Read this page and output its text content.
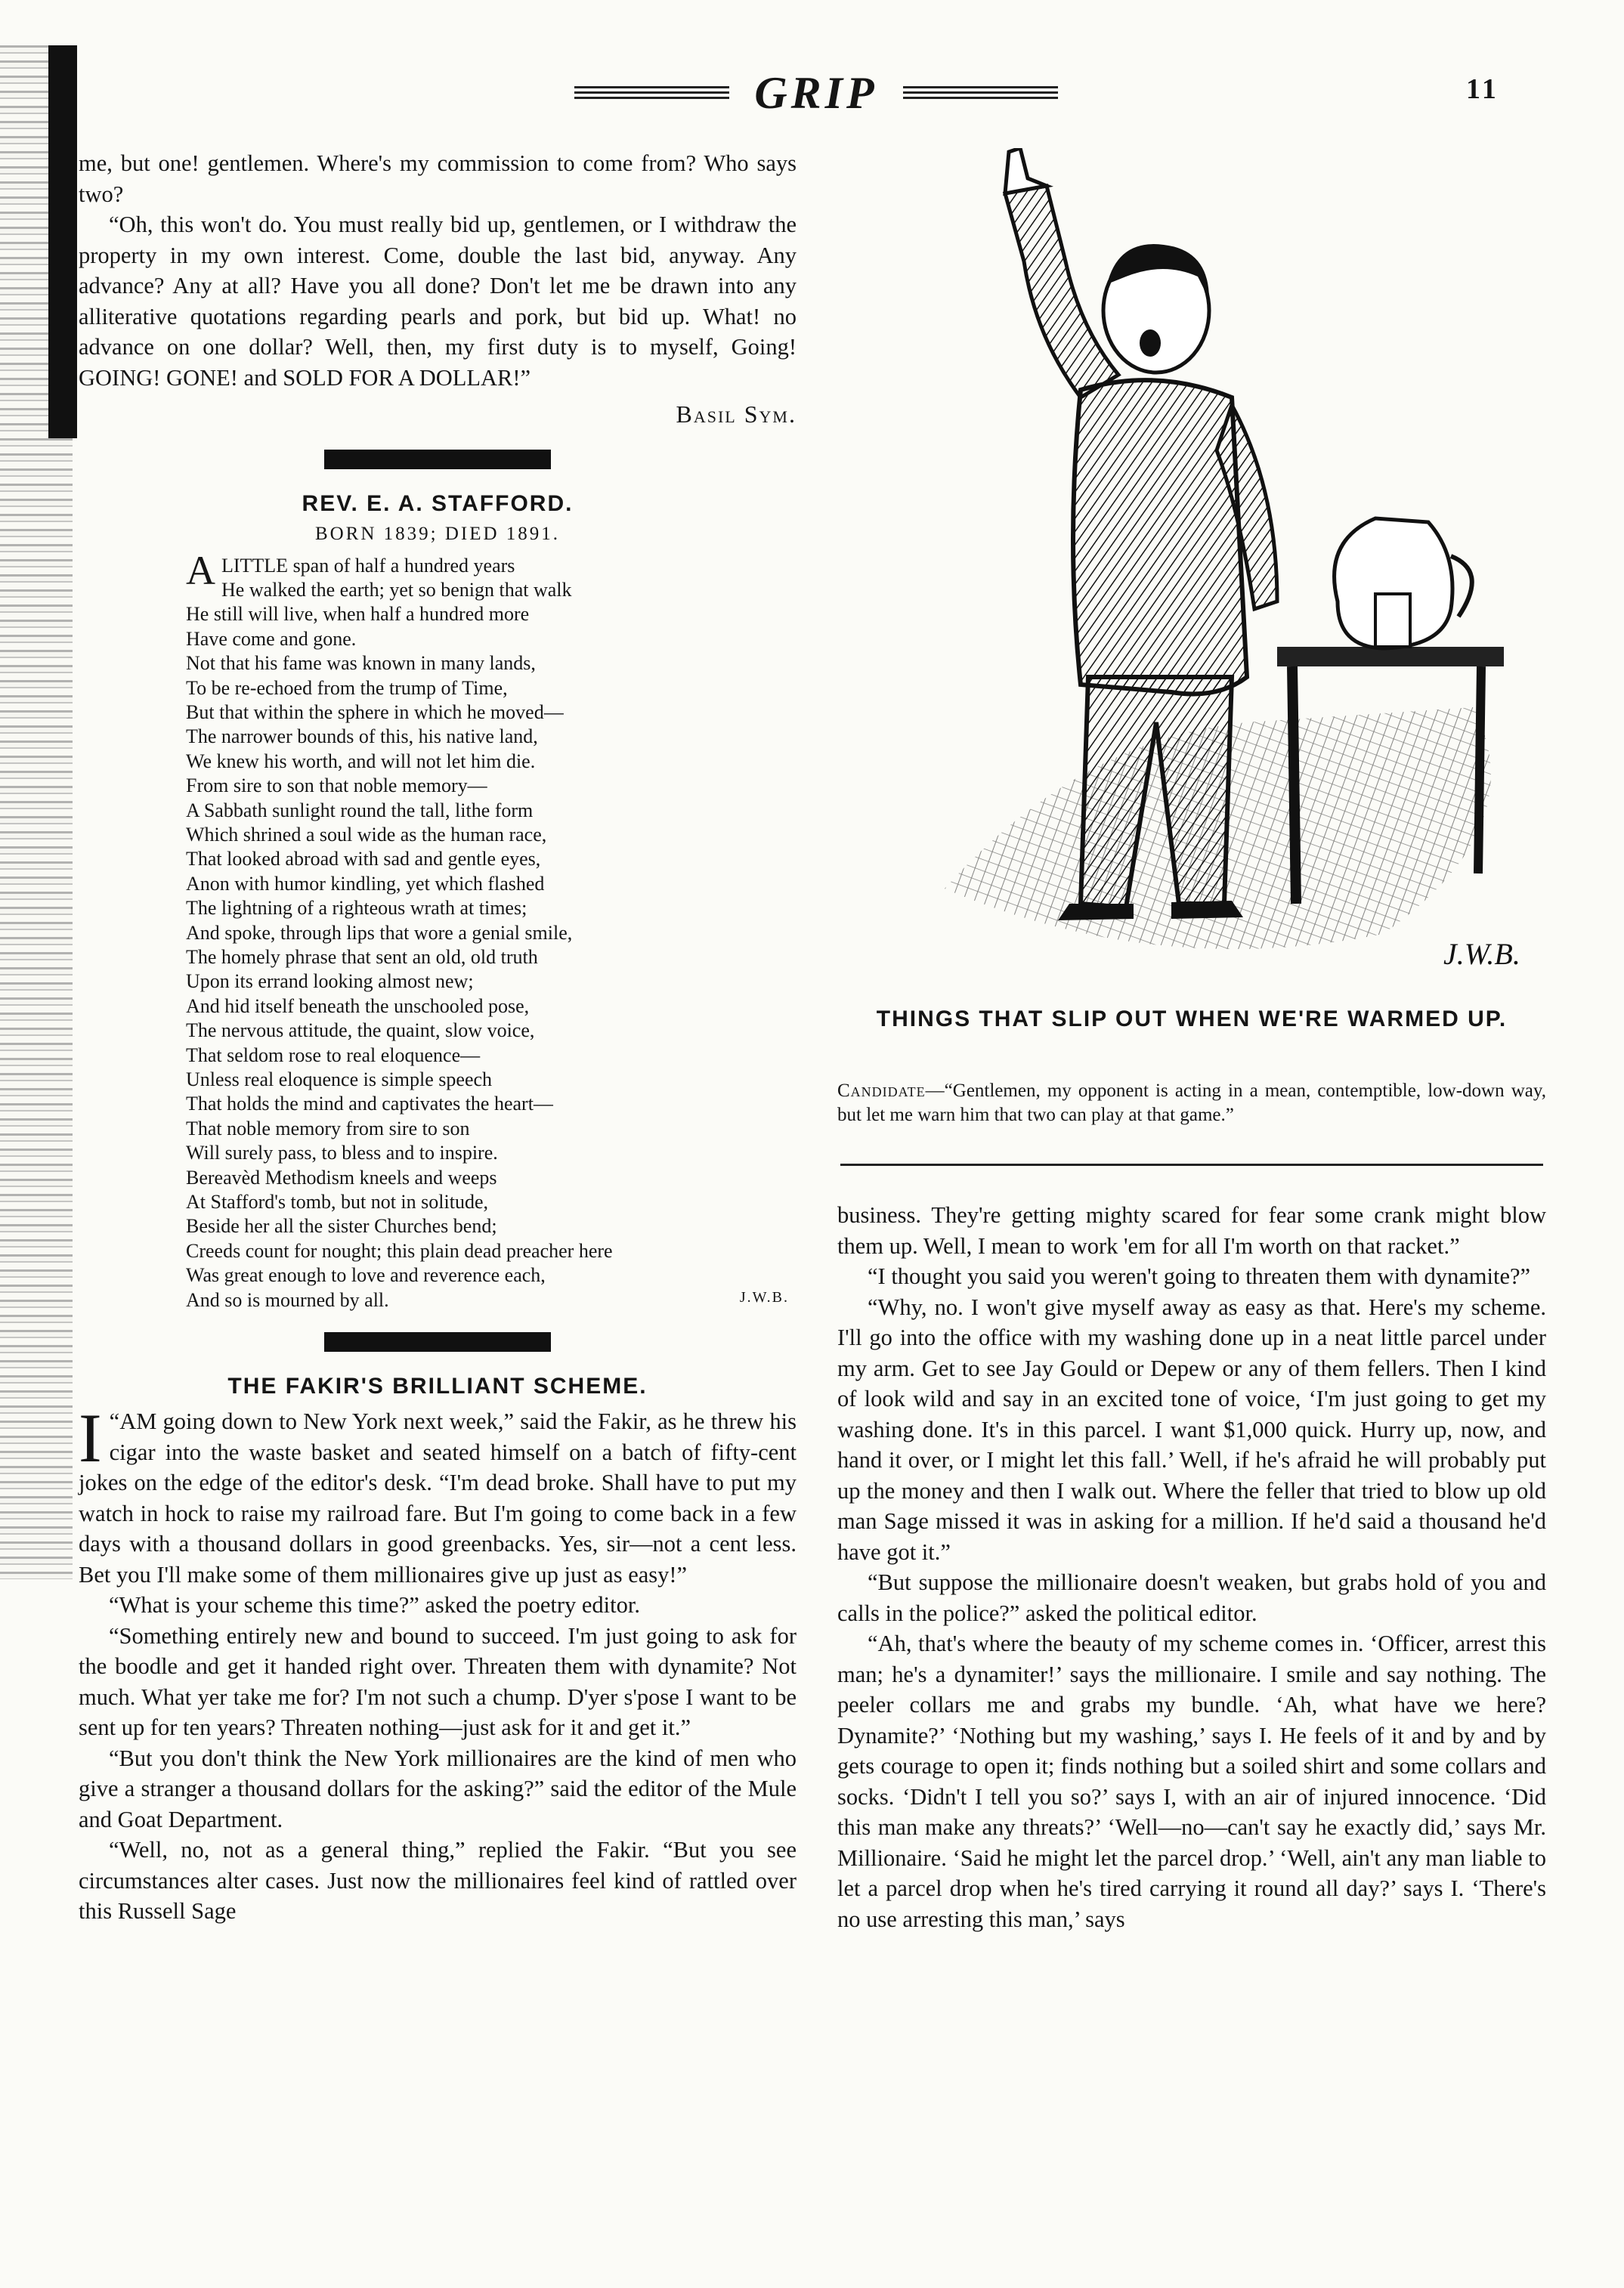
GRIP	11

me, but one! gentlemen. Where's my commission to come from? Who says two?

“Oh, this won't do. You must really bid up, gentlemen, or I withdraw the property in my own interest. Come, double the last bid, anyway. Any advance? Any at all? Have you all done? Don't let me be drawn into any alliterative quotations regarding pearls and pork, but bid up. What! no advance on one dollar? Well, then, my first duty is to myself, Going! GOING! GONE! and SOLD FOR A DOLLAR!”

Basil Sym.

REV. E. A. STAFFORD.
BORN 1839; DIED 1891.
ALITTLE span of half a hundred years
He walked the earth; yet so benign that walk
He still will live, when half a hundred more
Have come and gone.
Not that his fame was known in many lands,
To be re-echoed from the trump of Time,
But that within the sphere in which he moved—
The narrower bounds of this, his native land,
We knew his worth, and will not let him die.
From sire to son that noble memory—
A Sabbath sunlight round the tall, lithe form
Which shrined a soul wide as the human race,
That looked abroad with sad and gentle eyes,
Anon with humor kindling, yet which flashed
The lightning of a righteous wrath at times;
And spoke, through lips that wore a genial smile,
The homely phrase that sent an old, old truth
Upon its errand looking almost new;
And hid itself beneath the unschooled pose,
The nervous attitude, the quaint, slow voice,
That seldom rose to real eloquence—
Unless real eloquence is simple speech
That holds the mind and captivates the heart—
That noble memory from sire to son
Will surely pass, to bless and to inspire.
Bereavèd Methodism kneels and weeps
At Stafford's tomb, but not in solitude,
Beside her all the sister Churches bend;
Creeds count for nought; this plain dead preacher here
Was great enough to love and reverence each,
And so is mourned by all.	J.W.B.
THE FAKIR'S BRILLIANT SCHEME.

“
I AM going down to New York next week,” said the Fakir, as he threw his cigar into the waste basket and seated himself on a batch of fifty-cent jokes on the edge of the editor's desk. “I'm dead broke. Shall have to put my watch in hock to raise my railroad fare. But I'm going to come back in a few days with a thousand dollars in good greenbacks. Yes, sir—not a cent less. Bet you I'll make some of them millionaires give up just as easy!”

“What is your scheme this time?” asked the poetry editor.

“Something entirely new and bound to succeed. I'm just going to ask for the boodle and get it handed right over. Threaten them with dynamite? Not much. What yer take me for? I'm not such a chump. D'yer s'pose I want to be sent up for ten years? Threaten nothing—just ask for it and get it.”

“But you don't think the New York millionaires are the kind of men who give a stranger a thousand dollars for the asking?” said the editor of the Mule and Goat Department.

“Well, no, not as a general thing,” replied the Fakir. “But you see circumstances alter cases. Just now the millionaires feel kind of rattled over this Russell Sage

J.W.B.
THINGS THAT SLIP OUT WHEN WE'RE WARMED UP.
Candidate—“Gentlemen, my opponent is acting in a mean, contemptible, low-down way, but let me warn him that two can play at that game.”

business. They're getting mighty scared for fear some crank might blow them up. Well, I mean to work 'em for all I'm worth on that racket.”

“I thought you said you weren't going to threaten them with dynamite?”

“Why, no. I won't give myself away as easy as that. Here's my scheme. I'll go into the office with my washing done up in a neat little parcel under my arm. Get to see Jay Gould or Depew or any of them fellers. Then I kind of look wild and say in an excited tone of voice, ‘I'm just going to get my washing done. It's in this parcel. I want $1,000 quick. Hurry up, now, and hand it over, or I might let this fall.’ Well, if he's afraid he will probably put up the money and then I walk out. Where the feller that tried to blow up old man Sage missed it was in asking for a million. If he'd said a thousand he'd have got it.”

“But suppose the millionaire doesn't weaken, but grabs hold of you and calls in the police?” asked the political editor.

“Ah, that's where the beauty of my scheme comes in. ‘Officer, arrest this man; he's a dynamiter!’ says the millionaire. I smile and say nothing. The peeler collars me and grabs my bundle. ‘Ah, what have we here? Dynamite?’ ‘Nothing but my washing,’ says I. He feels of it and by and by gets courage to open it; finds nothing but a soiled shirt and some collars and socks. ‘Didn't I tell you so?’ says I, with an air of injured innocence. ‘Did this man make any threats?’ ‘Well—no—can't say he exactly did,’ says Mr. Millionaire. ‘Said he might let the parcel drop.’ ‘Well, ain't any man liable to let a parcel drop when he's tired carrying it round all day?’ says I. ‘There's no use arresting this man,’ says
